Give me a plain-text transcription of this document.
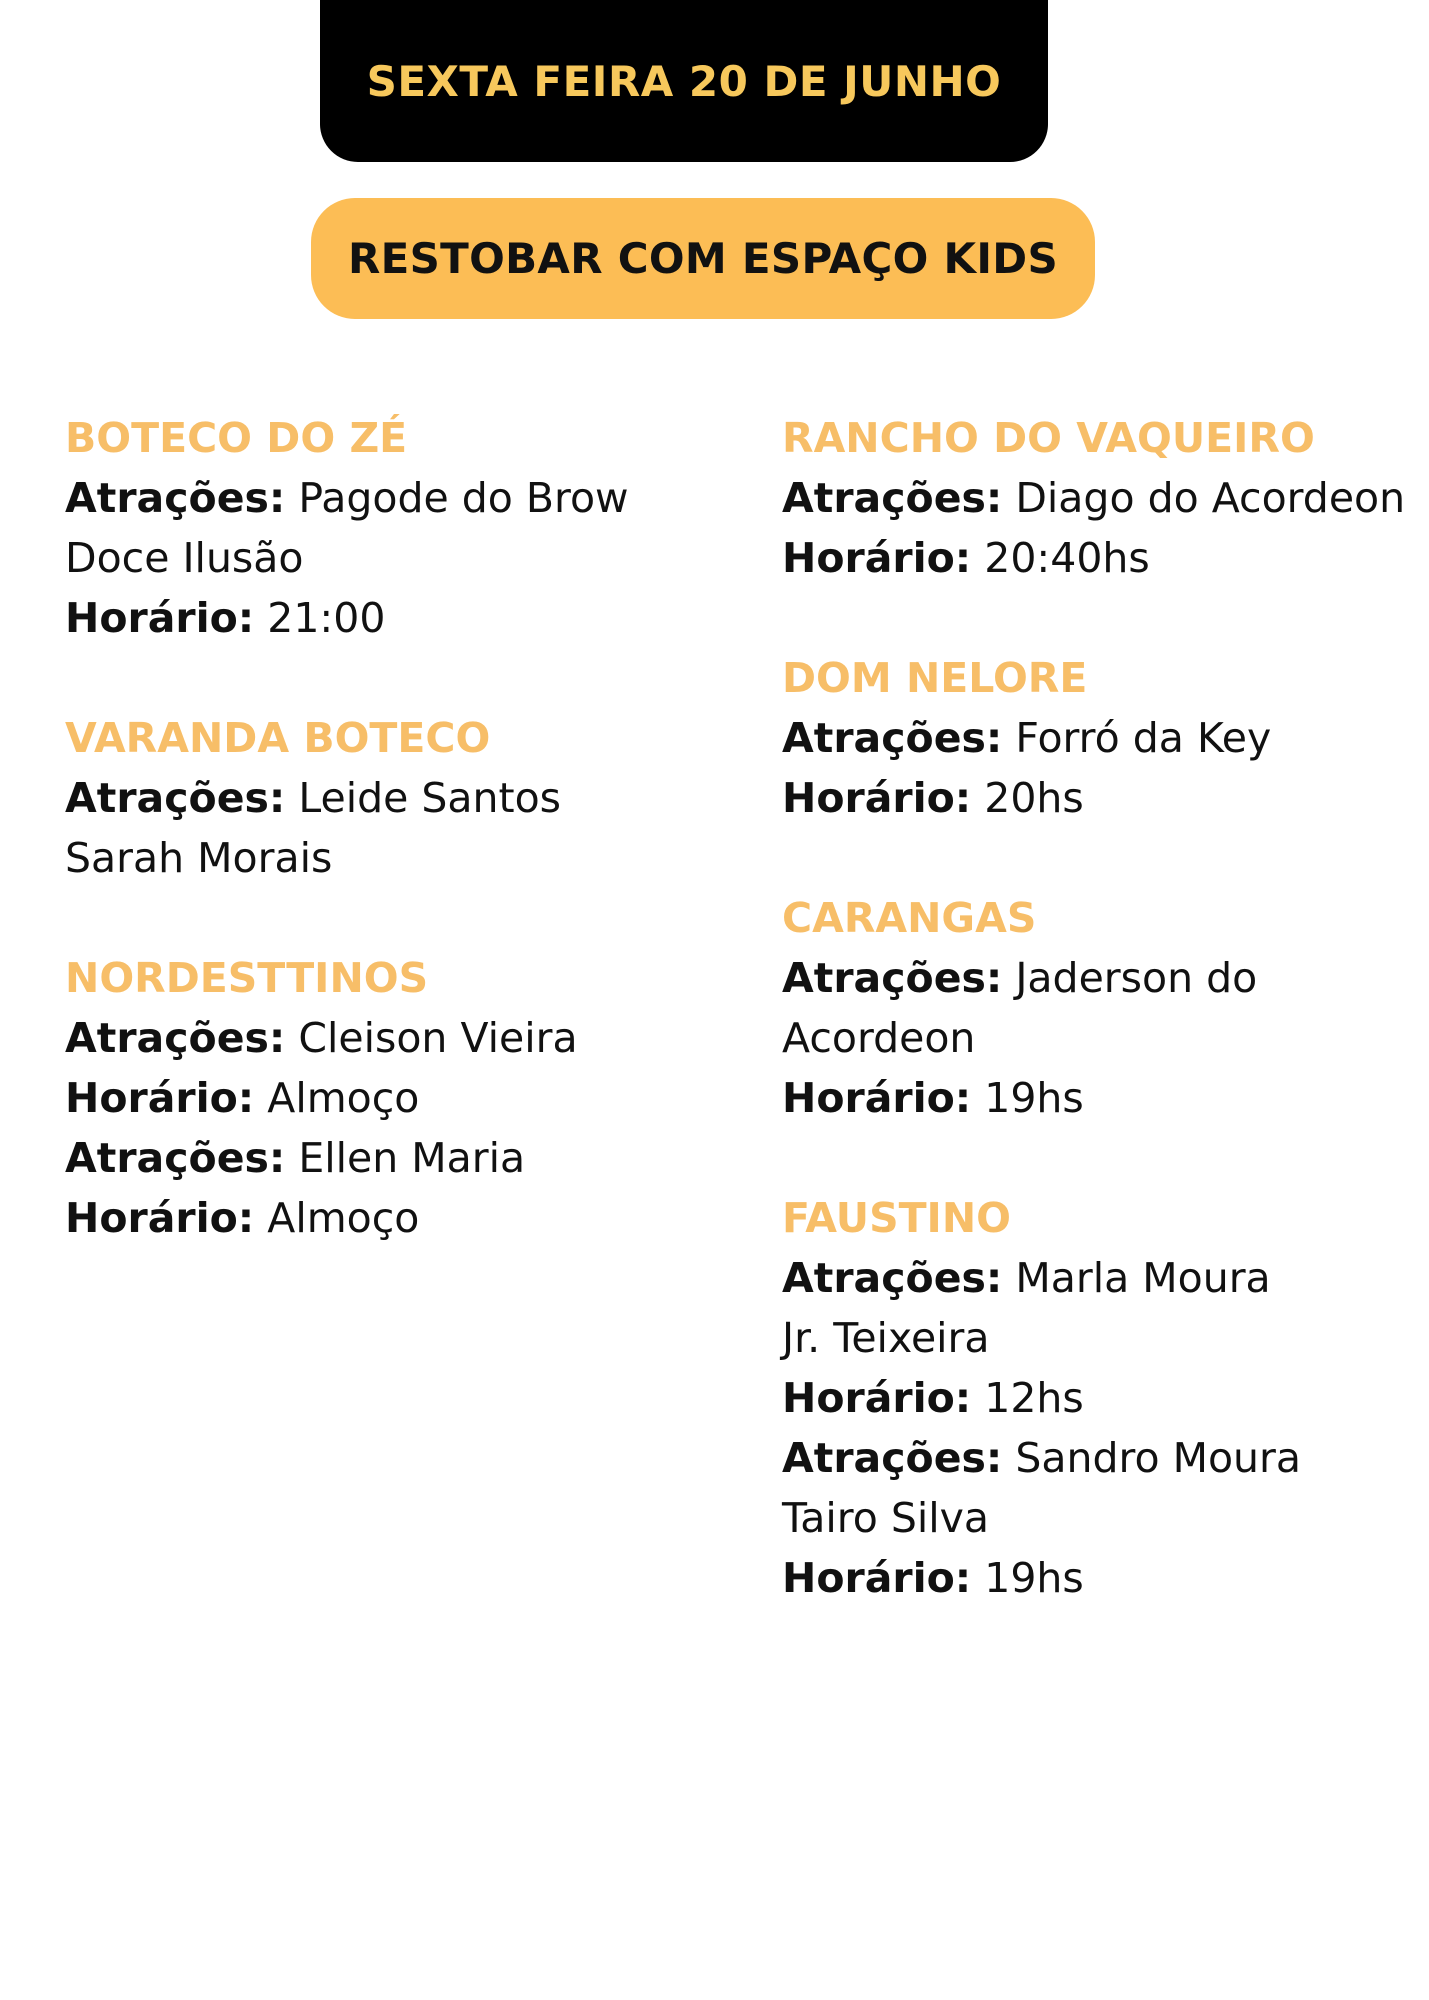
SEXTA FEIRA 20 DE JUNHO
RESTOBAR COM ESPAÇO KIDS
BOTECO DO ZÉ
Atrações: Pagode do Brow
Doce Ilusão
Horário: 21:00
VARANDA BOTECO
Atrações: Leide Santos
Sarah Morais
NORDESTTINOS
Atrações: Cleison Vieira
Horário: Almoço
Atrações: Ellen Maria
Horário: Almoço
RANCHO DO VAQUEIRO
Atrações: Diago do Acordeon
Horário: 20:40hs
DOM NELORE
Atrações: Forró da Key
Horário: 20hs
CARANGAS
Atrações: Jaderson do
Acordeon
Horário: 19hs
FAUSTINO
Atrações: Marla Moura
Jr. Teixeira
Horário: 12hs
Atrações: Sandro Moura
Tairo Silva
Horário: 19hs
